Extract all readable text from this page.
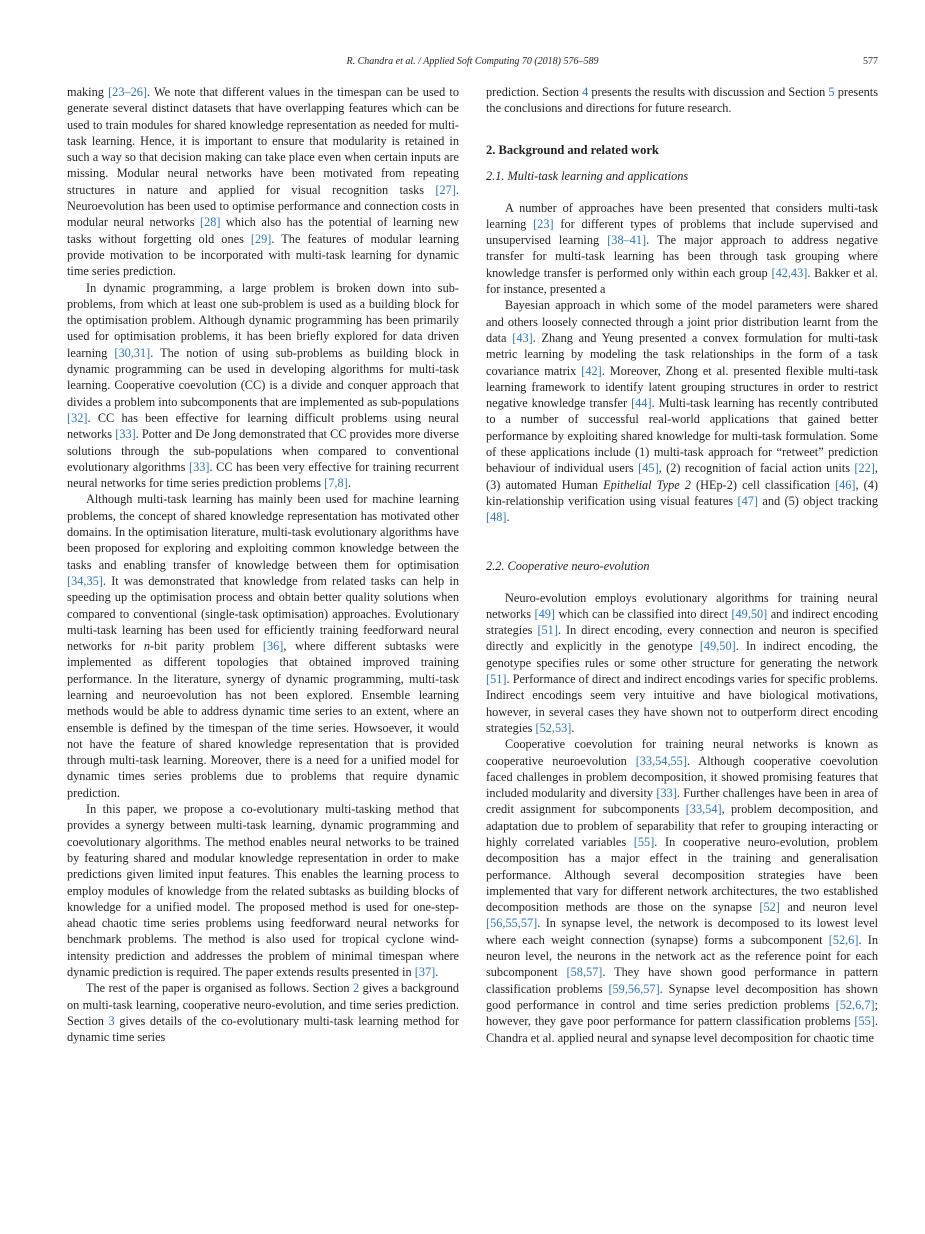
R. Chandra et al. / Applied Soft Computing 70 (2018) 576–589	577

making [23–26]. We note that different values in the timespan can be used to generate several distinct datasets that have overlapping features which can be used to train modules for shared knowledge representation as needed for multi-task learning. Hence, it is important to ensure that modularity is retained in such a way so that decision making can take place even when certain inputs are missing. Modular neural networks have been motivated from repeating structures in nature and applied for visual recognition tasks [27]. Neuroevolution has been used to optimise performance and connection costs in modular neural networks [28] which also has the potential of learning new tasks without forgetting old ones [29]. The features of modular learning provide motivation to be incorporated with multi-task learning for dynamic time series prediction.

In dynamic programming, a large problem is broken down into sub-problems, from which at least one sub-problem is used as a building block for the optimisation problem. Although dynamic programming has been primarily used for optimisation problems, it has been briefly explored for data driven learning [30,31]. The notion of using sub-problems as building block in dynamic programming can be used in developing algorithms for multi-task learning. Cooperative coevolution (CC) is a divide and conquer approach that divides a problem into subcomponents that are implemented as sub-populations [32]. CC has been effective for learning difficult problems using neural networks [33]. Potter and De Jong demonstrated that CC provides more diverse solutions through the sub-populations when compared to conventional evolutionary algorithms [33]. CC has been very effective for training recurrent neural networks for time series prediction problems [7,8].

Although multi-task learning has mainly been used for machine learning problems, the concept of shared knowledge representation has motivated other domains. In the optimisation literature, multi-task evolutionary algorithms have been proposed for exploring and exploiting common knowledge between the tasks and enabling transfer of knowledge between them for optimisation [34,35]. It was demonstrated that knowledge from related tasks can help in speeding up the optimisation process and obtain better quality solutions when compared to conventional (single-task optimisation) approaches. Evolutionary multi-task learning has been used for efficiently training feedforward neural networks for n-bit parity problem [36], where different subtasks were implemented as different topologies that obtained improved training performance. In the literature, synergy of dynamic programming, multi-task learning and neuroevolution has not been explored. Ensemble learning methods would be able to address dynamic time series to an extent, where an ensemble is defined by the timespan of the time series. Howsoever, it would not have the feature of shared knowledge representation that is provided through multi-task learning. Moreover, there is a need for a unified model for dynamic times series problems due to problems that require dynamic prediction.

In this paper, we propose a co-evolutionary multi-tasking method that provides a synergy between multi-task learning, dynamic programming and coevolutionary algorithms. The method enables neural networks to be trained by featuring shared and modular knowledge representation in order to make predictions given limited input features. This enables the learning process to employ modules of knowledge from the related subtasks as building blocks of knowledge for a unified model. The proposed method is used for one-step-ahead chaotic time series problems using feedforward neural networks for benchmark problems. The method is also used for tropical cyclone wind-intensity prediction and addresses the problem of minimal timespan where dynamic prediction is required. The paper extends results presented in [37].

The rest of the paper is organised as follows. Section 2 gives a background on multi-task learning, cooperative neuro-evolution, and time series prediction. Section 3 gives details of the co-evolutionary multi-task learning method for dynamic time series

prediction. Section 4 presents the results with discussion and Section 5 presents the conclusions and directions for future research.

2. Background and related work
2.1. Multi-task learning and applications

A number of approaches have been presented that considers multi-task learning [23] for different types of problems that include supervised and unsupervised learning [38–41]. The major approach to address negative transfer for multi-task learning has been through task grouping where knowledge transfer is performed only within each group [42,43]. Bakker et al. for instance, presented a

Bayesian approach in which some of the model parameters were shared and others loosely connected through a joint prior distribution learnt from the data [43]. Zhang and Yeung presented a convex formulation for multi-task metric learning by modeling the task relationships in the form of a task covariance matrix [42]. Moreover, Zhong et al. presented flexible multi-task learning framework to identify latent grouping structures in order to restrict negative knowledge transfer [44]. Multi-task learning has recently contributed to a number of successful real-world applications that gained better performance by exploiting shared knowledge for multi-task formulation. Some of these applications include (1) multi-task approach for “retweet” prediction behaviour of individual users [45], (2) recognition of facial action units [22], (3) automated Human Epithelial Type 2 (HEp-2) cell classification [46], (4) kin-relationship verification using visual features [47] and (5) object tracking [48].

2.2. Cooperative neuro-evolution

Neuro-evolution employs evolutionary algorithms for training neural networks [49] which can be classified into direct [49,50] and indirect encoding strategies [51]. In direct encoding, every connection and neuron is specified directly and explicitly in the genotype [49,50]. In indirect encoding, the genotype specifies rules or some other structure for generating the network [51]. Performance of direct and indirect encodings varies for specific problems. Indirect encodings seem very intuitive and have biological motivations, however, in several cases they have shown not to outperform direct encoding strategies [52,53].

Cooperative coevolution for training neural networks is known as cooperative neuroevolution [33,54,55]. Although cooperative coevolution faced challenges in problem decomposition, it showed promising features that included modularity and diversity [33]. Further challenges have been in area of credit assignment for subcomponents [33,54], problem decomposition, and adaptation due to problem of separability that refer to grouping interacting or highly correlated variables [55]. In cooperative neuro-evolution, problem decomposition has a major effect in the training and generalisation performance. Although several decomposition strategies have been implemented that vary for different network architectures, the two established decomposition methods are those on the synapse [52] and neuron level [56,55,57]. In synapse level, the network is decomposed to its lowest level where each weight connection (synapse) forms a subcomponent [52,6]. In neuron level, the neurons in the network act as the reference point for each subcomponent [58,57]. They have shown good performance in pattern classification problems [59,56,57]. Synapse level decomposition has shown good performance in control and time series prediction problems [52,6,7]; however, they gave poor performance for pattern classification problems [55]. Chandra et al. applied neural and synapse level decomposition for chaotic time
